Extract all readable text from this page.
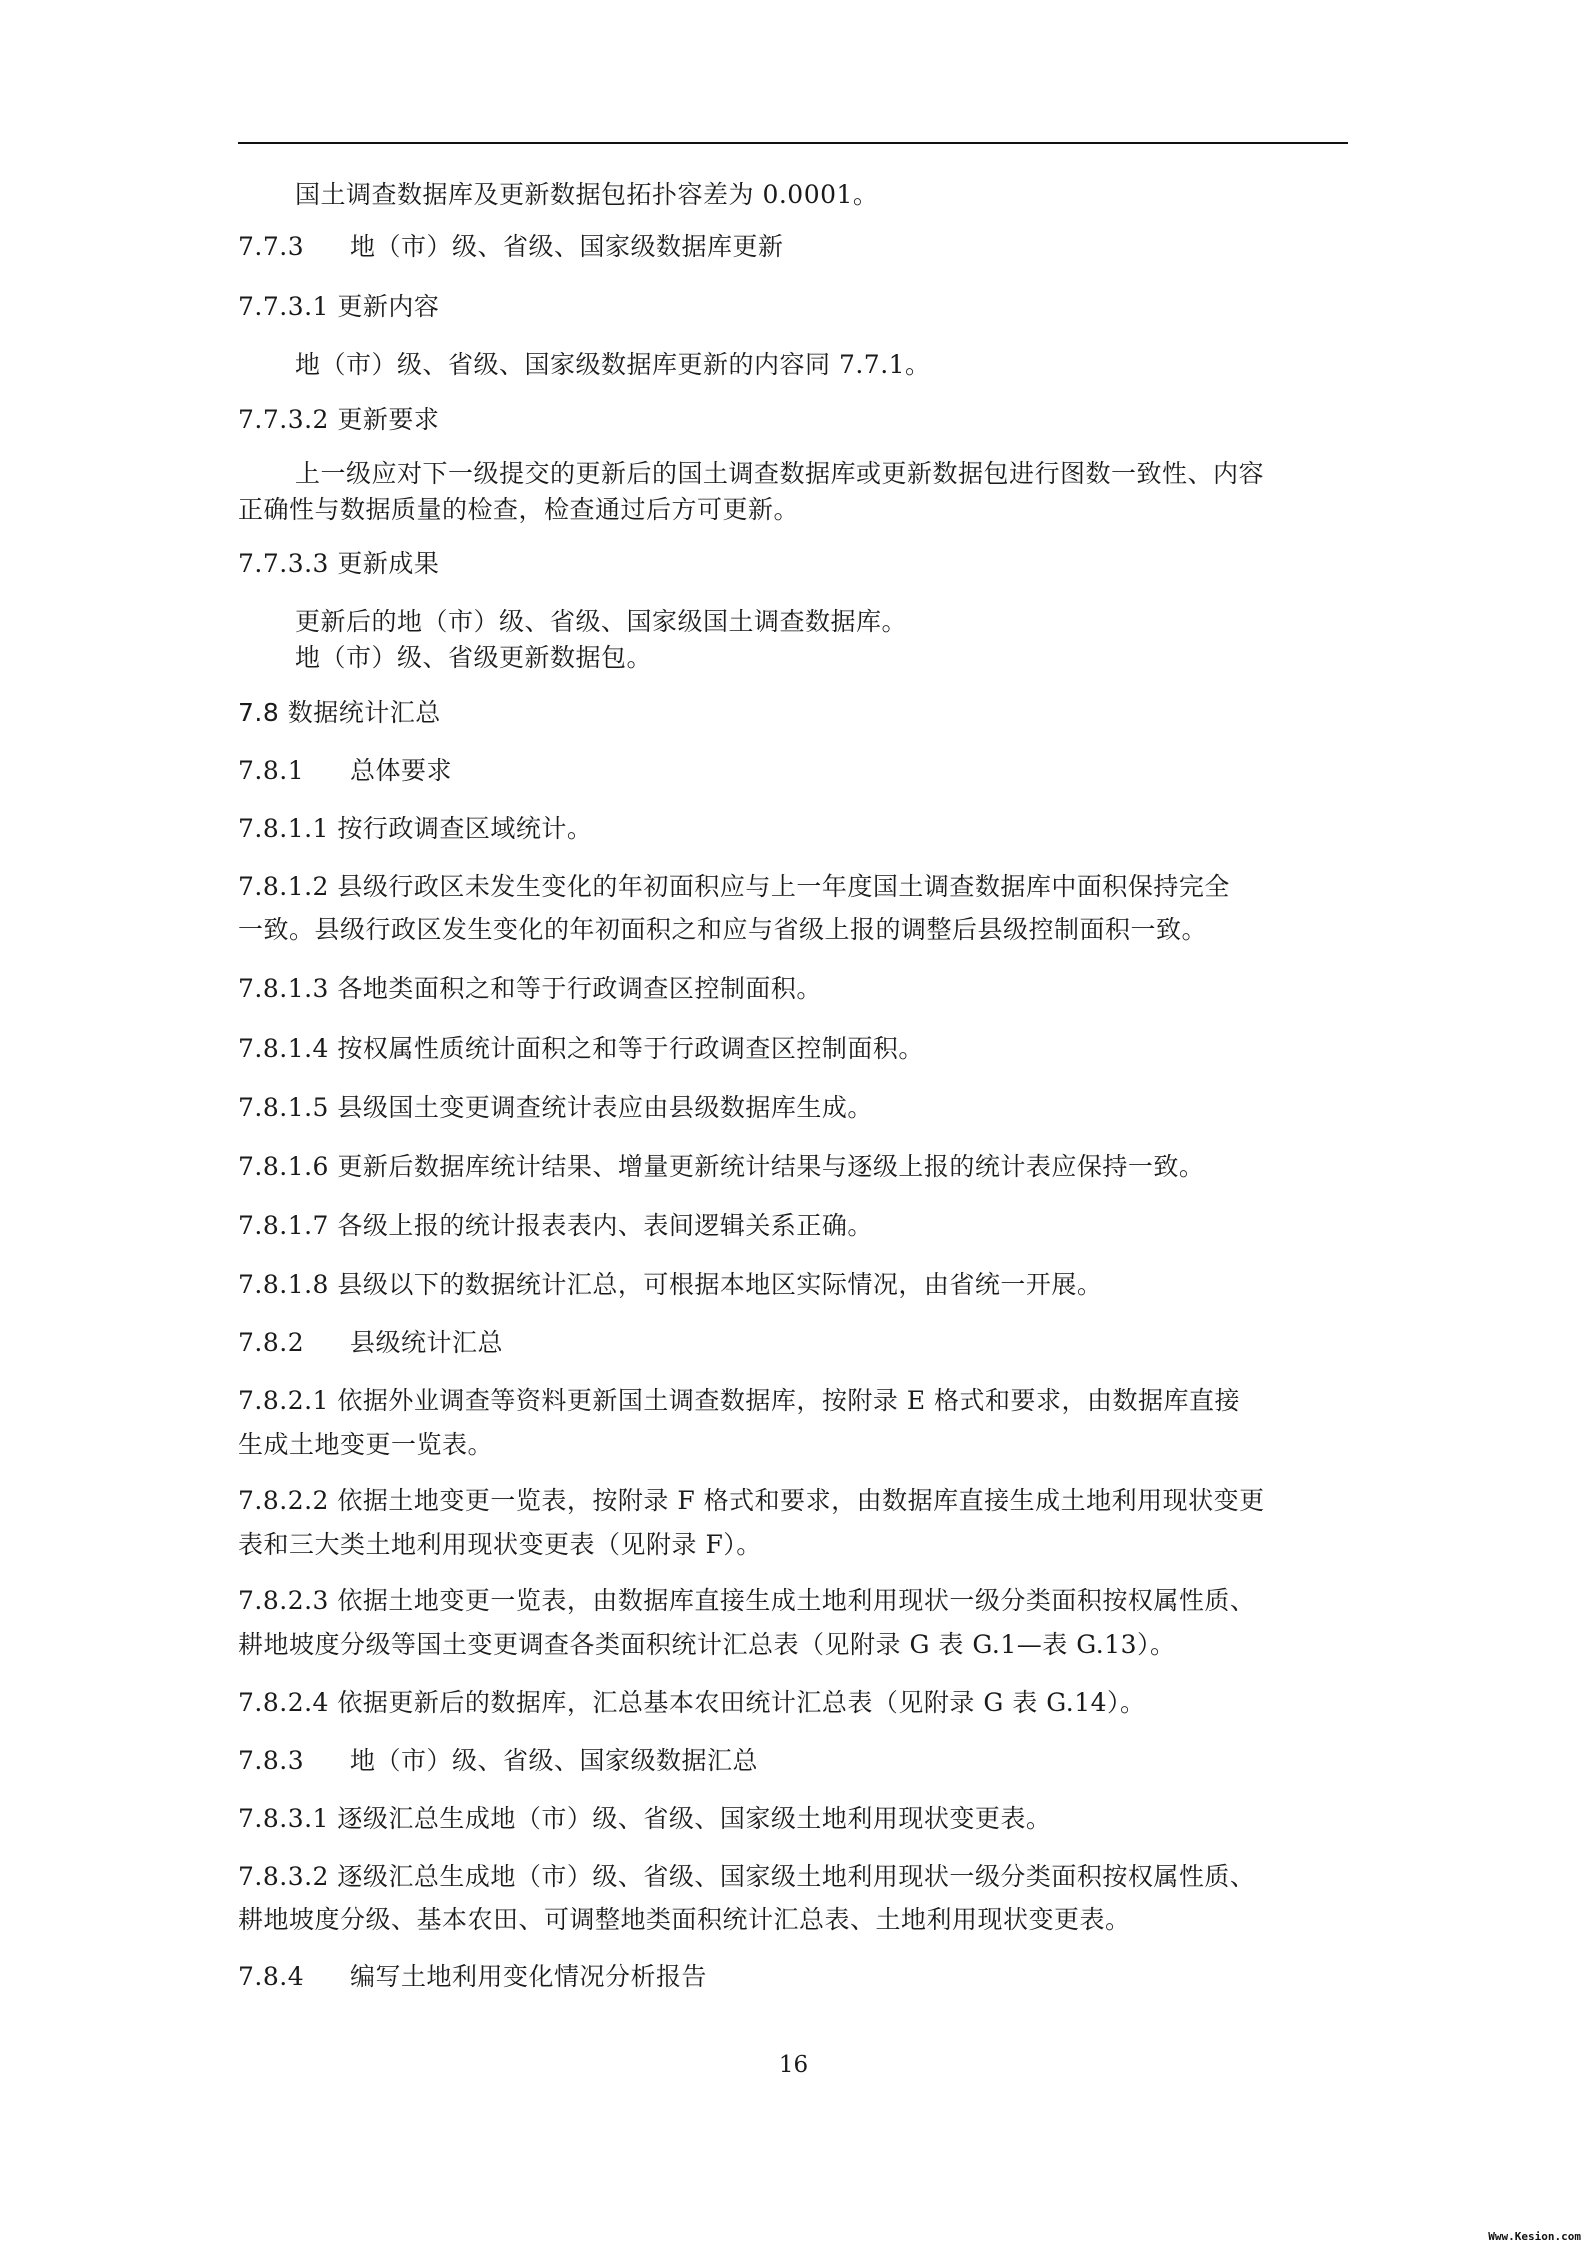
国土调查数据库及更新数据包拓扑容差为 0.0001。
7.7.3 地（市）级、省级、国家级数据库更新
7.7.3.1 更新内容
地（市）级、省级、国家级数据库更新的内容同 7.7.1。
7.7.3.2 更新要求
上一级应对下一级提交的更新后的国土调查数据库或更新数据包进行图数一致性、内容
正确性与数据质量的检查，检查通过后方可更新。
7.7.3.3 更新成果
更新后的地（市）级、省级、国家级国土调查数据库。
地（市）级、省级更新数据包。
7.8 数据统计汇总
7.8.1 总体要求
7.8.1.1 按行政调查区域统计。
7.8.1.2 县级行政区未发生变化的年初面积应与上一年度国土调查数据库中面积保持完全
一致。县级行政区发生变化的年初面积之和应与省级上报的调整后县级控制面积一致。
7.8.1.3 各地类面积之和等于行政调查区控制面积。
7.8.1.4 按权属性质统计面积之和等于行政调查区控制面积。
7.8.1.5 县级国土变更调查统计表应由县级数据库生成。
7.8.1.6 更新后数据库统计结果、增量更新统计结果与逐级上报的统计表应保持一致。
7.8.1.7 各级上报的统计报表表内、表间逻辑关系正确。
7.8.1.8 县级以下的数据统计汇总，可根据本地区实际情况，由省统一开展。
7.8.2 县级统计汇总
7.8.2.1 依据外业调查等资料更新国土调查数据库，按附录 E 格式和要求，由数据库直接
生成土地变更一览表。
7.8.2.2 依据土地变更一览表，按附录 F 格式和要求，由数据库直接生成土地利用现状变更
表和三大类土地利用现状变更表（见附录 F）。
7.8.2.3 依据土地变更一览表，由数据库直接生成土地利用现状一级分类面积按权属性质、
耕地坡度分级等国土变更调查各类面积统计汇总表（见附录 G 表 G.1—表 G.13）。
7.8.2.4 依据更新后的数据库，汇总基本农田统计汇总表（见附录 G 表 G.14）。
7.8.3 地（市）级、省级、国家级数据汇总
7.8.3.1 逐级汇总生成地（市）级、省级、国家级土地利用现状变更表。
7.8.3.2 逐级汇总生成地（市）级、省级、国家级土地利用现状一级分类面积按权属性质、
耕地坡度分级、基本农田、可调整地类面积统计汇总表、土地利用现状变更表。
7.8.4 编写土地利用变化情况分析报告
16
Www.Kesion.com
